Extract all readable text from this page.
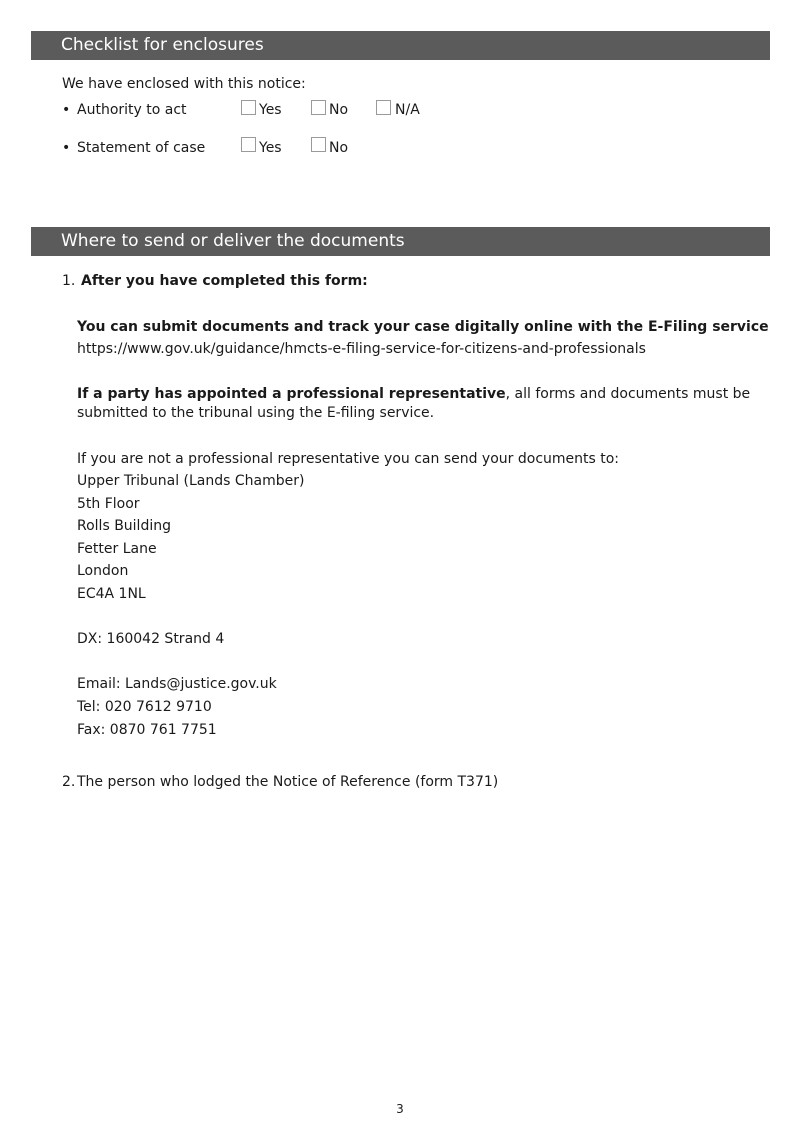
Checklist for enclosures
We have enclosed with this notice:
• Authority to act	Yes	No	N/A
• Statement of case	Yes	No
Where to send or deliver the documents
1. After you have completed this form:
You can submit documents and track your case digitally online with the E-Filing service
https://www.gov.uk/guidance/hmcts-e-filing-service-for-citizens-and-professionals
If a party has appointed a professional representative, all forms and documents must be submitted to the tribunal using the E-filing service.
If you are not a professional representative you can send your documents to:
Upper Tribunal (Lands Chamber)
5th Floor
Rolls Building
Fetter Lane
London
EC4A 1NL
DX: 160042 Strand 4
Email: Lands@justice.gov.uk
Tel: 020 7612 9710
Fax: 0870 761 7751
2. The person who lodged the Notice of Reference (form T371)
3
